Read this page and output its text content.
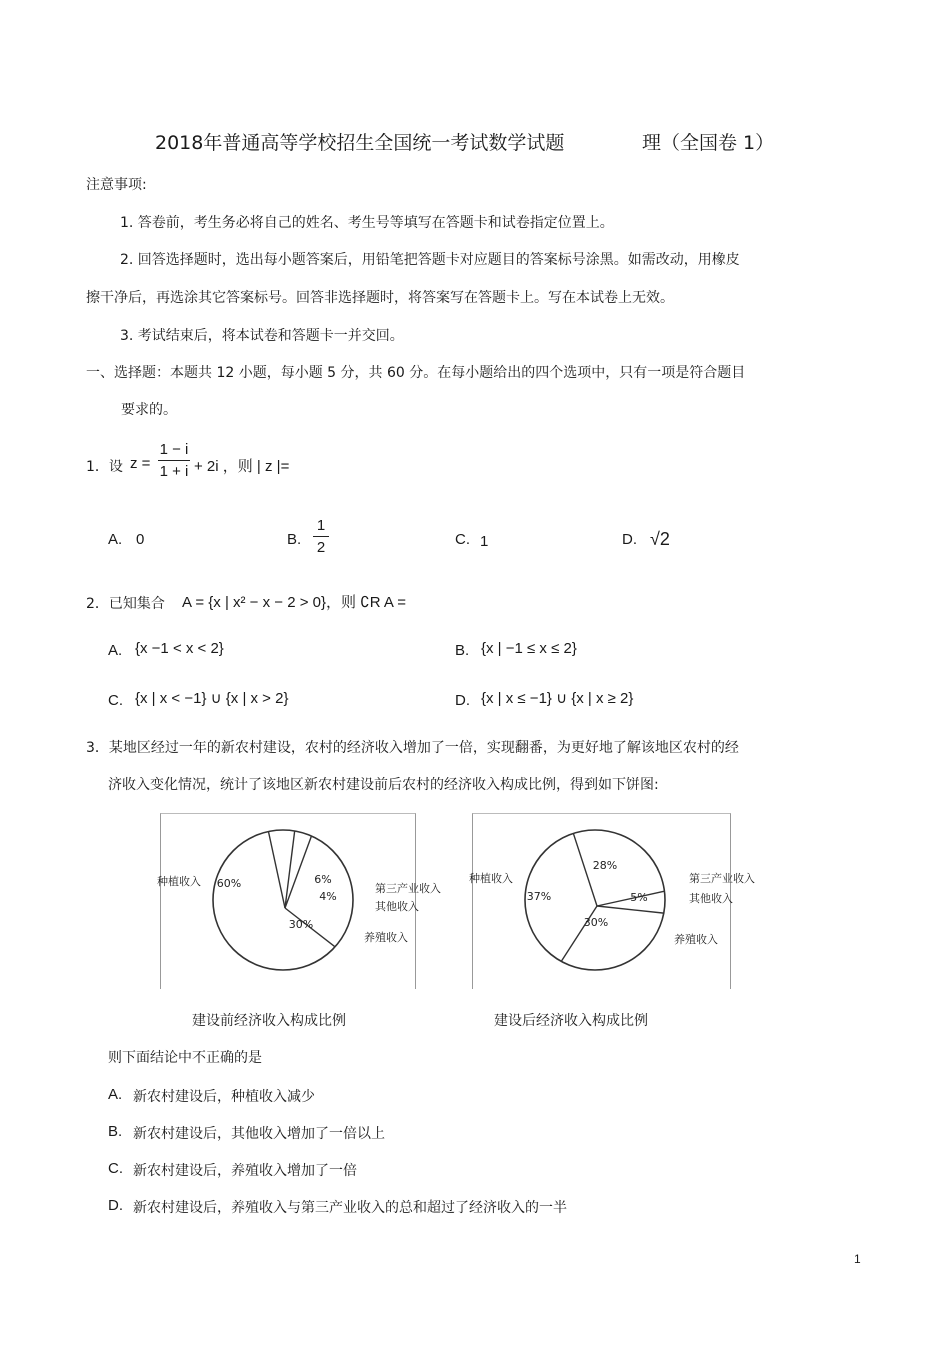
2018年普通高等学校招生全国统一考试数学试题	理（全国卷 1）
注意事项:
1. 答卷前，考生务必将自己的姓名、考生号等填写在答题卡和试卷指定位置上。
2. 回答选择题时，选出每小题答案后，用铅笔把答题卡对应题目的答案标号涂黑。如需改动，用橡皮
擦干净后，再选涂其它答案标号。回答非选择题时，将答案写在答题卡上。写在本试卷上无效。
3. 考试结束后，将本试卷和答题卡一并交回。
一、选择题：本题共 12 小题，每小题 5 分，共 60 分。在每小题给出的四个选项中，只有一项是符合题目
要求的。
1．设 z =
1 − i
1 + i + 2i ，则 | z |=
A. 0	B.
1
2	C. 1	D. √2
2．已知集合 A = {x | x² − x − 2 > 0}，则 ∁R A =
A. {x −1 < x < 2}	B. {x | −1 ≤ x ≤ 2}
C. {x | x < −1} ∪ {x | x > 2}	D. {x | x ≤ −1} ∪ {x | x ≥ 2}
3．某地区经过一年的新农村建设，农村的经济收入增加了一倍，实现翻番，为更好地了解该地区农村的经
济收入变化情况，统计了该地区新农村建设前后农村的经济收入构成比例，得到如下饼图:
60%
种植收入	6%
第三产业收入
4%
其他收入
30%
养殖收入
37%
种植收入
28%
第三产业收入
5%	其他收入
30%
养殖收入
建设前经济收入构成比例	建设后经济收入构成比例
则下面结论中不正确的是
A. 新农村建设后，种植收入减少
B. 新农村建设后，其他收入增加了一倍以上
C. 新农村建设后，养殖收入增加了一倍
D. 新农村建设后，养殖收入与第三产业收入的总和超过了经济收入的一半
1
